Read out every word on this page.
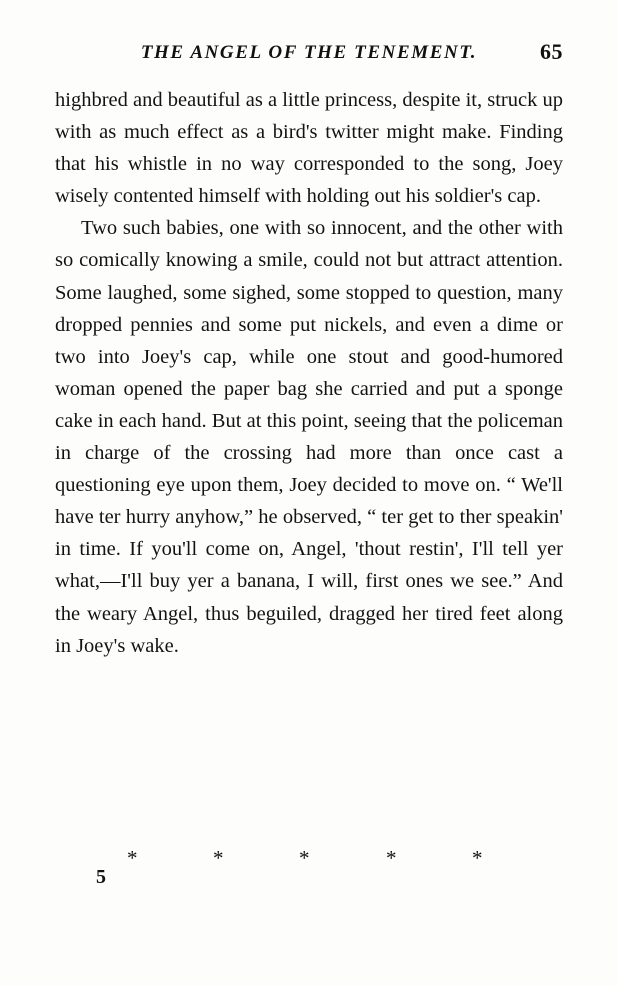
THE ANGEL OF THE TENEMENT.	65

highbred and beautiful as a little princess, despite it, struck up with as much effect as a bird's twitter might make. Finding that his whistle in no way corresponded to the song, Joey wisely contented himself with holding out his soldier's cap.

Two such babies, one with so innocent, and the other with so comically knowing a smile, could not but attract attention. Some laughed, some sighed, some stopped to question, many dropped pennies and some put nickels, and even a dime or two into Joey's cap, while one stout and good-humored woman opened the paper bag she carried and put a sponge cake in each hand. But at this point, seeing that the policeman in charge of the crossing had more than once cast a questioning eye upon them, Joey decided to move on. “ We'll have ter hurry anyhow,” he observed, “ ter get to ther speakin' in time. If you'll come on, Angel, 'thout restin', I'll tell yer what,—I'll buy yer a banana, I will, first ones we see.” And the weary Angel, thus beguiled, dragged her tired feet along in Joey's wake.

*	*	*	*	*
5
